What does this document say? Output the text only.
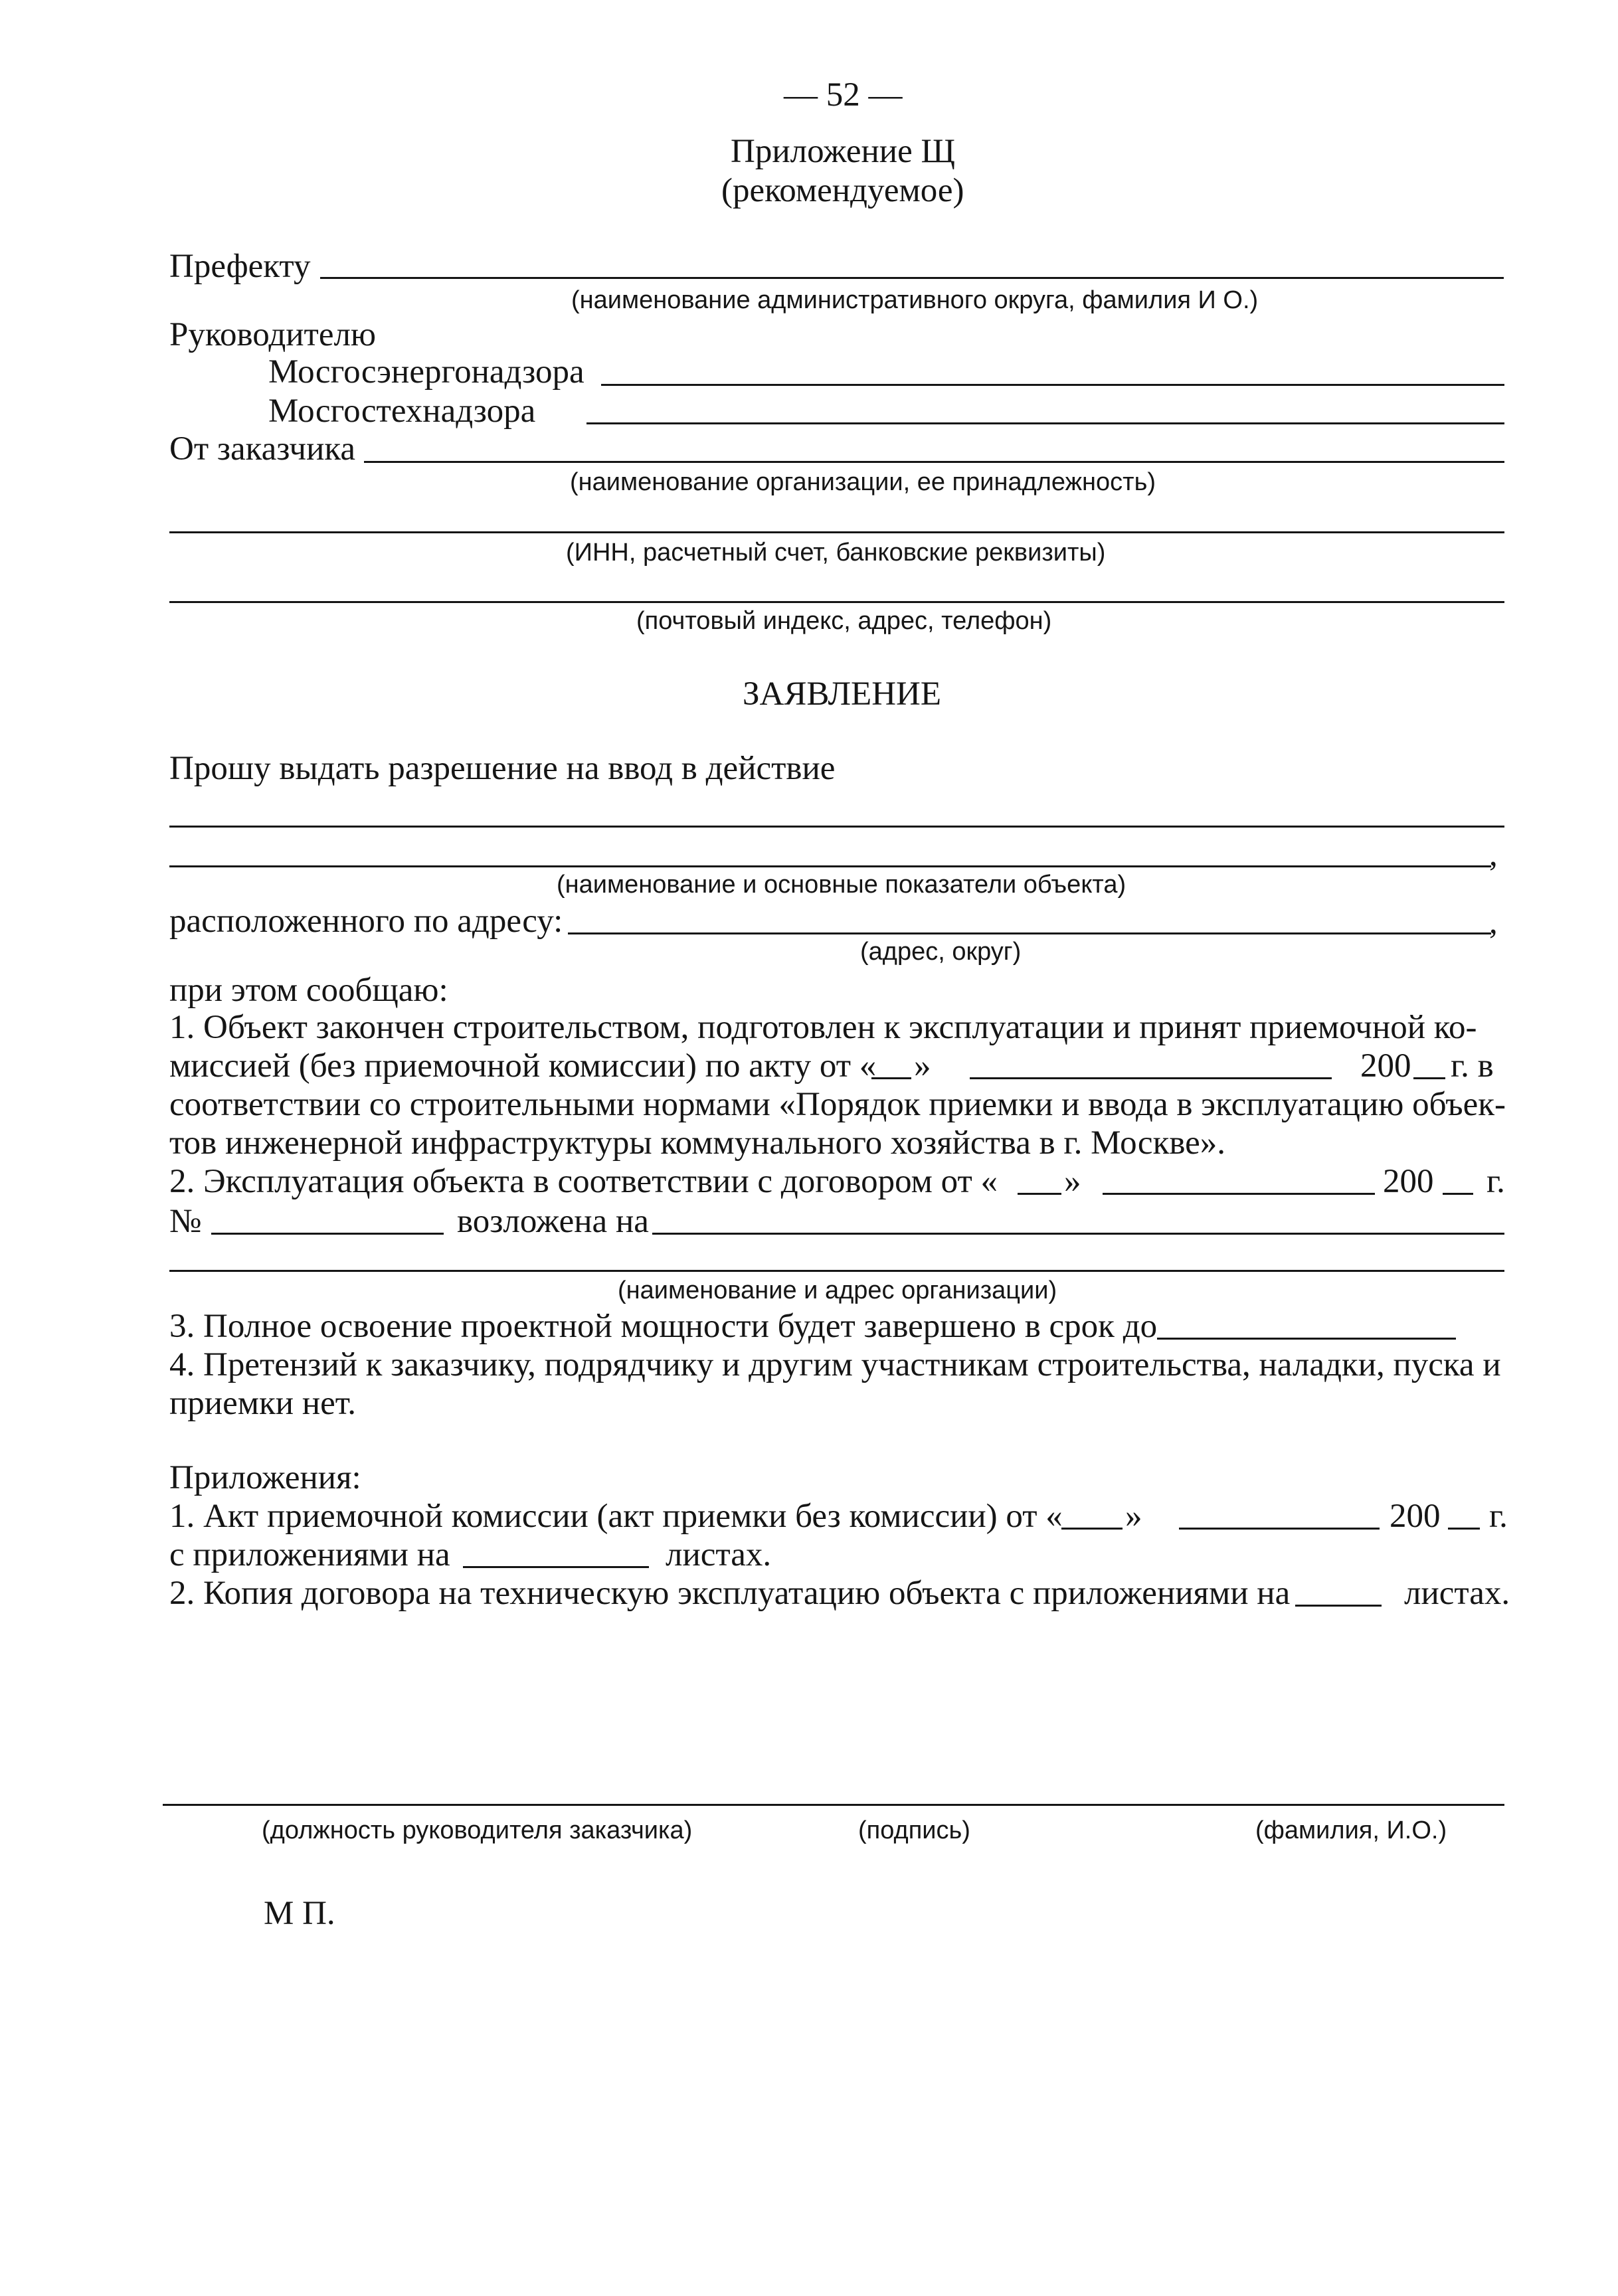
— 52 —
Приложение Щ
(рекомендуемое)
Префекту
(наименование административного округа, фамилия И О.)
Руководителю
Мосгосэнергонадзора
Мосгостехнадзора
От заказчика
(наименование организации, ее принадлежность)
(ИНН, расчетный счет, банковские реквизиты)
(почтовый индекс, адрес, телефон)
ЗАЯВЛЕНИЕ
Прошу выдать разрешение на ввод в действие
,
(наименование и основные показатели объекта)
расположенного по адресу:	,
(адрес, округ)
при этом сообщаю:
1. Объект закончен строительством, подготовлен к эксплуатации и принят приемочной ко-
миссией (без приемочной комиссии) по акту от « »	200 г. в
соответствии со строительными нормами «Порядок приемки и ввода в эксплуатацию объек-
тов инженерной инфраструктуры коммунального хозяйства в г. Москве».
2. Эксплуатация объекта в соответствии с договором от « »	200 г.
№	возложена на
(наименование и адрес организации)
3. Полное освоение проектной мощности будет завершено в срок до
4. Претензий к заказчику, подрядчику и другим участникам строительства, наладки, пуска и
приемки нет.
Приложения:
1. Акт приемочной комиссии (акт приемки без комиссии) от « »	200 г.
с приложениями на	листах.
2. Копия договора на техническую эксплуатацию объекта с приложениями на	листах.
(должность руководителя заказчика)	(подпись)	(фамилия, И.О.)
М П.
